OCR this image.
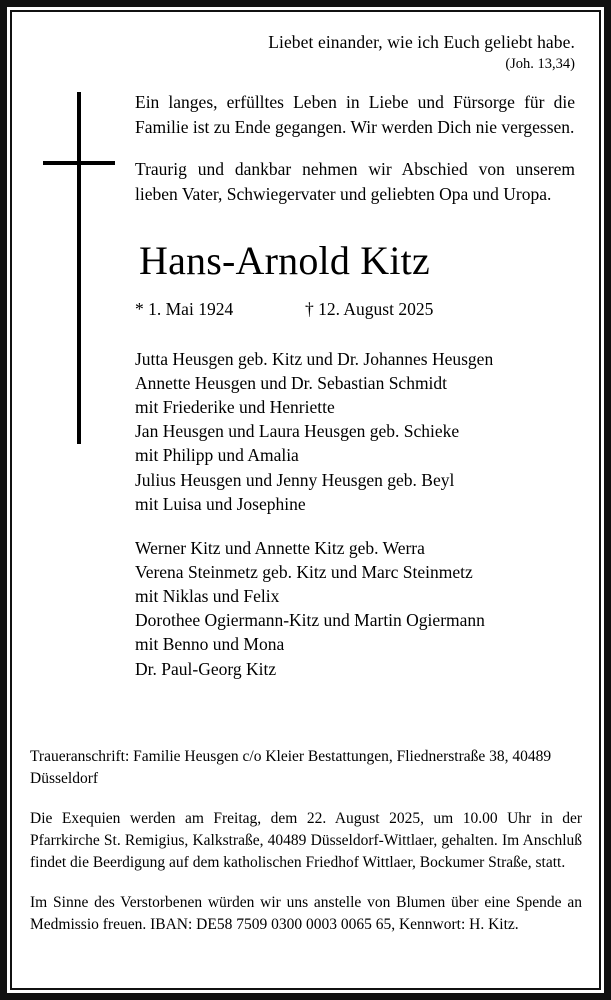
Liebet einander, wie ich Euch geliebt habe.
(Joh. 13,34)

Ein langes, erfülltes Leben in Liebe und Fürsorge für die Familie ist zu Ende gegangen. Wir werden Dich nie vergessen.

Traurig und dankbar nehmen wir Abschied von unserem lieben Vater, Schwiegervater und geliebten Opa und Uropa.

Hans-Arnold Kitz
* 1. Mai 1924	† 12. August 2025
Jutta Heusgen geb. Kitz und Dr. Johannes Heusgen
Annette Heusgen und Dr. Sebastian Schmidt
mit Friederike und Henriette
Jan Heusgen und Laura Heusgen geb. Schieke
mit Philipp und Amalia
Julius Heusgen und Jenny Heusgen geb. Beyl
mit Luisa und Josephine
Werner Kitz und Annette Kitz geb. Werra
Verena Steinmetz geb. Kitz und Marc Steinmetz
mit Niklas und Felix
Dorothee Ogiermann-Kitz und Martin Ogiermann
mit Benno und Mona
Dr. Paul-Georg Kitz

Traueranschrift: Familie Heusgen c/o Kleier Bestattungen, Fliednerstraße 38, 40489 Düsseldorf

Die Exequien werden am Freitag, dem 22. August 2025, um 10.00 Uhr in der Pfarrkirche St. Remigius, Kalkstraße, 40489 Düsseldorf-Wittlaer, gehalten. Im Anschluß findet die Beerdigung auf dem katholischen Friedhof Wittlaer, Bockumer Straße, statt.

Im Sinne des Verstorbenen würden wir uns anstelle von Blumen über eine Spende an Medmissio freuen. IBAN: DE58 7509 0300 0003 0065 65, Kennwort: H. Kitz.
